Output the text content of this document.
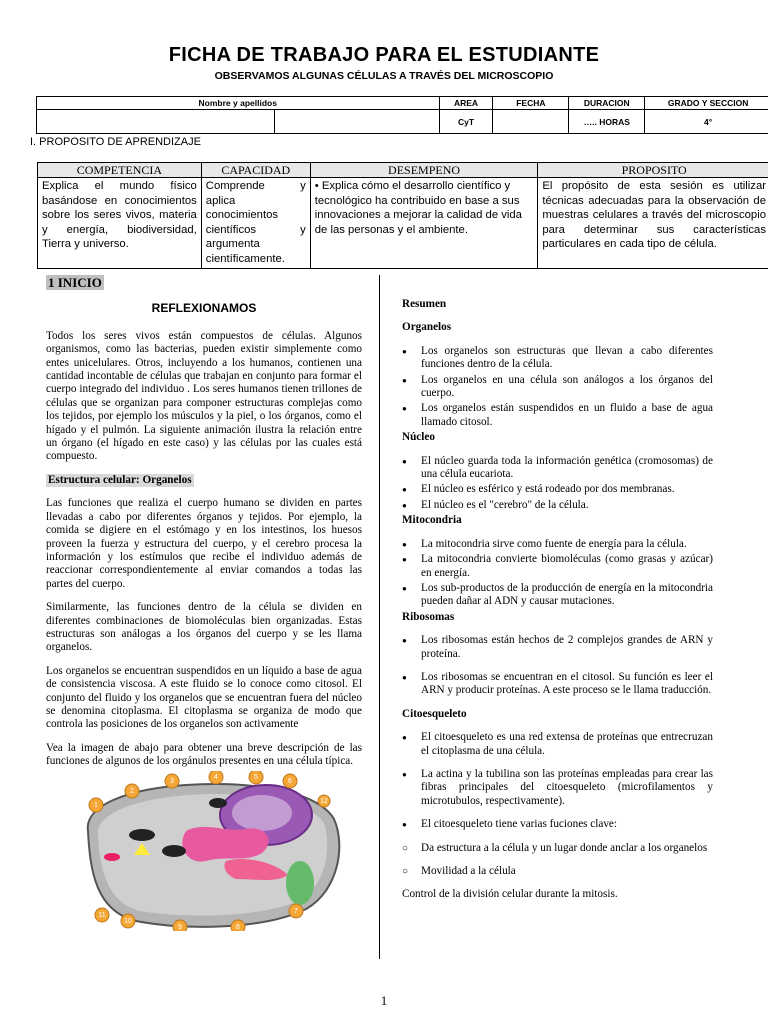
FICHA DE TRABAJO PARA EL ESTUDIANTE
OBSERVAMOS ALGUNAS CÉLULAS A TRAVÉS DEL MICROSCOPIO
Nombre y apellidos	AREA	FECHA	DURACION	GRADO Y SECCION

	CyT		….. HORAS	4°
I. PROPOSITO DE APRENDIZAJE
COMPETENCIA	CAPACIDAD	DESEMPENO	PROPOSITO
Explica el mundo físico basándose en conocimientos sobre los seres vivos, materia y energía, biodiversidad, Tierra y universo.	Comprende y aplica conocimientos científicos y argumenta científicamente.	• Explica cómo el desarrollo científico y tecnológico ha contribuido en base a sus innovaciones a mejorar la calidad de vida de las personas y el ambiente.	El propósito de esta sesión es utilizar técnicas adecuadas para la observación de muestras celulares a través del microscopio para determinar sus características particulares en cada tipo de célula.
1 INICIO
REFLEXIONAMOS

Todos los seres vivos están compuestos de células. Algunos organismos, como las bacterias, pueden existir simplemente como entes unicelulares. Otros, incluyendo a los humanos, contienen una cantidad incontable de células que trabajan en conjunto para formar el cuerpo integrado del individuo . Los seres humanos tienen trillones de células que se organizan para componer estructuras complejas como los tejidos, por ejemplo los músculos y la piel, o los órganos, como el hígado y el pulmón. La siguiente animación ilustra la relación entre un órgano (el hígado en este caso) y las células por las cuales está compuesto.

Estructura celular: Organelos

Las funciones que realiza el cuerpo humano se dividen en partes llevadas a cabo por diferentes órganos y tejidos. Por ejemplo, la comida se digiere en el estómago y en los intestinos, los huesos proveen la fuerza y estructura del cuerpo, y el cerebro procesa la información y los estímulos que recibe el individuo además de reaccionar correspondientemente al enviar comandos a todas las partes del cuerpo.

Similarmente, las funciones dentro de la célula se dividen en diferentes combinaciones de biomoléculas bien organizadas. Estas estructuras son análogas a los órganos del cuerpo y se les llama organelos.

Los organelos se encuentran suspendidos en un líquido a base de agua de consistencia viscosa. A este fluido se lo conoce como citosol. El conjunto del fluido y los organelos que se encuentran fuera del núcleo se denomina citoplasma. El citoplasma se organiza de modo que controla las posiciones de los organelos son activamente

Vea la imagen de abajo para obtener una breve descripción de las funciones de algunos de los orgánulos presentes en una célula típica.

1
2
3
4	5
6
7
8
9
10
11
12
Resumen
Organelos
● Los organelos son estructuras que llevan a cabo diferentes funciones dentro de la célula.
● Los organelos en una célula son análogos a los órganos del cuerpo.
● Los organelos están suspendidos en un fluido a base de agua llamado citosol.
Núcleo
● El núcleo guarda toda la información genética (cromosomas) de una célula eucariota.
● El núcleo es esférico y está rodeado por dos membranas.
● El núcleo es el "cerebro" de la célula.
Mitocondria
● La mitocondria sirve como fuente de energía para la célula.
● La mitocondria convierte biomoléculas (como grasas y azúcar) en energía.
● Los sub-productos de la producción de energía en la mitocondria pueden dañar al ADN y causar mutaciones.
Ribosomas
● Los ribosomas están hechos de 2 complejos grandes de ARN y proteína.
● Los ribosomas se encuentran en el citosol. Su función es leer el ARN y producir proteínas. A este proceso se le llama traducción.
Citoesqueleto
● El citoesqueleto es una red extensa de proteínas que entrecruzan el citoplasma de una célula.
● La actina y la tubilina son las proteínas empleadas para crear las fibras principales del citoesqueleto (microfilamentos y microtubulos, respectivamente).
● El citoesqueleto tiene varias fuciones clave:
○ Da estructura a la célula y un lugar donde anclar a los organelos
○ Movilidad a la célula

Control de la división celular durante la mitosis.

1
